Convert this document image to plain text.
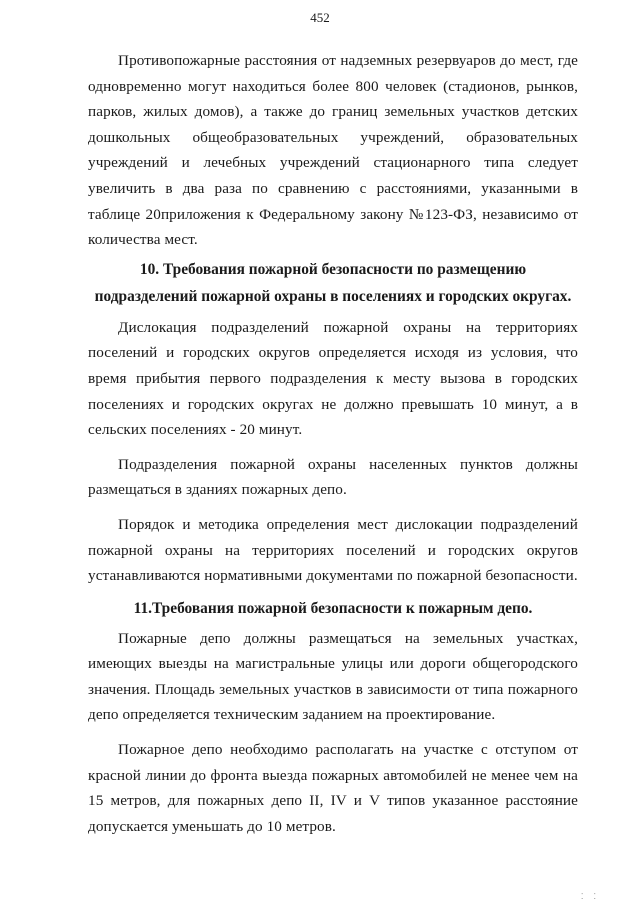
452

Противопожарные расстояния от надземных резервуаров до мест, где одновременно могут находиться более 800 человек (стадионов, рынков, парков, жилых домов), а также до границ земельных участков детских дошкольных общеобразовательных учреждений, образовательных учреждений и лечебных учреждений стационарного типа следует увеличить в два раза по сравнению с расстояниями, указанными в таблице 20приложения к Федеральному закону №123-ФЗ, независимо от количества мест.

10. Требования пожарной безопасности по размещению подразделений пожарной охраны в поселениях и городских округах.

Дислокация подразделений пожарной охраны на территориях поселений и городских округов определяется исходя из условия, что время прибытия первого подразделения к месту вызова в городских поселениях и городских округах не должно превышать 10 минут, а в сельских поселениях - 20 минут.

Подразделения пожарной охраны населенных пунктов должны размещаться в зданиях пожарных депо.

Порядок и методика определения мест дислокации подразделений пожарной охраны на территориях поселений и городских округов устанавливаются нормативными документами по пожарной безопасности.

11.Требования пожарной безопасности к пожарным депо.

Пожарные депо должны размещаться на земельных участках, имеющих выезды на магистральные улицы или дороги общегородского значения. Площадь земельных участков в зависимости от типа пожарного депо определяется техническим заданием на проектирование.

Пожарное депо необходимо располагать на участке с отступом от красной линии до фронта выезда пожарных автомобилей не менее чем на 15 метров, для пожарных депо II, IV и V типов указанное расстояние допускается уменьшать до 10 метров.

⁚ ⁚
